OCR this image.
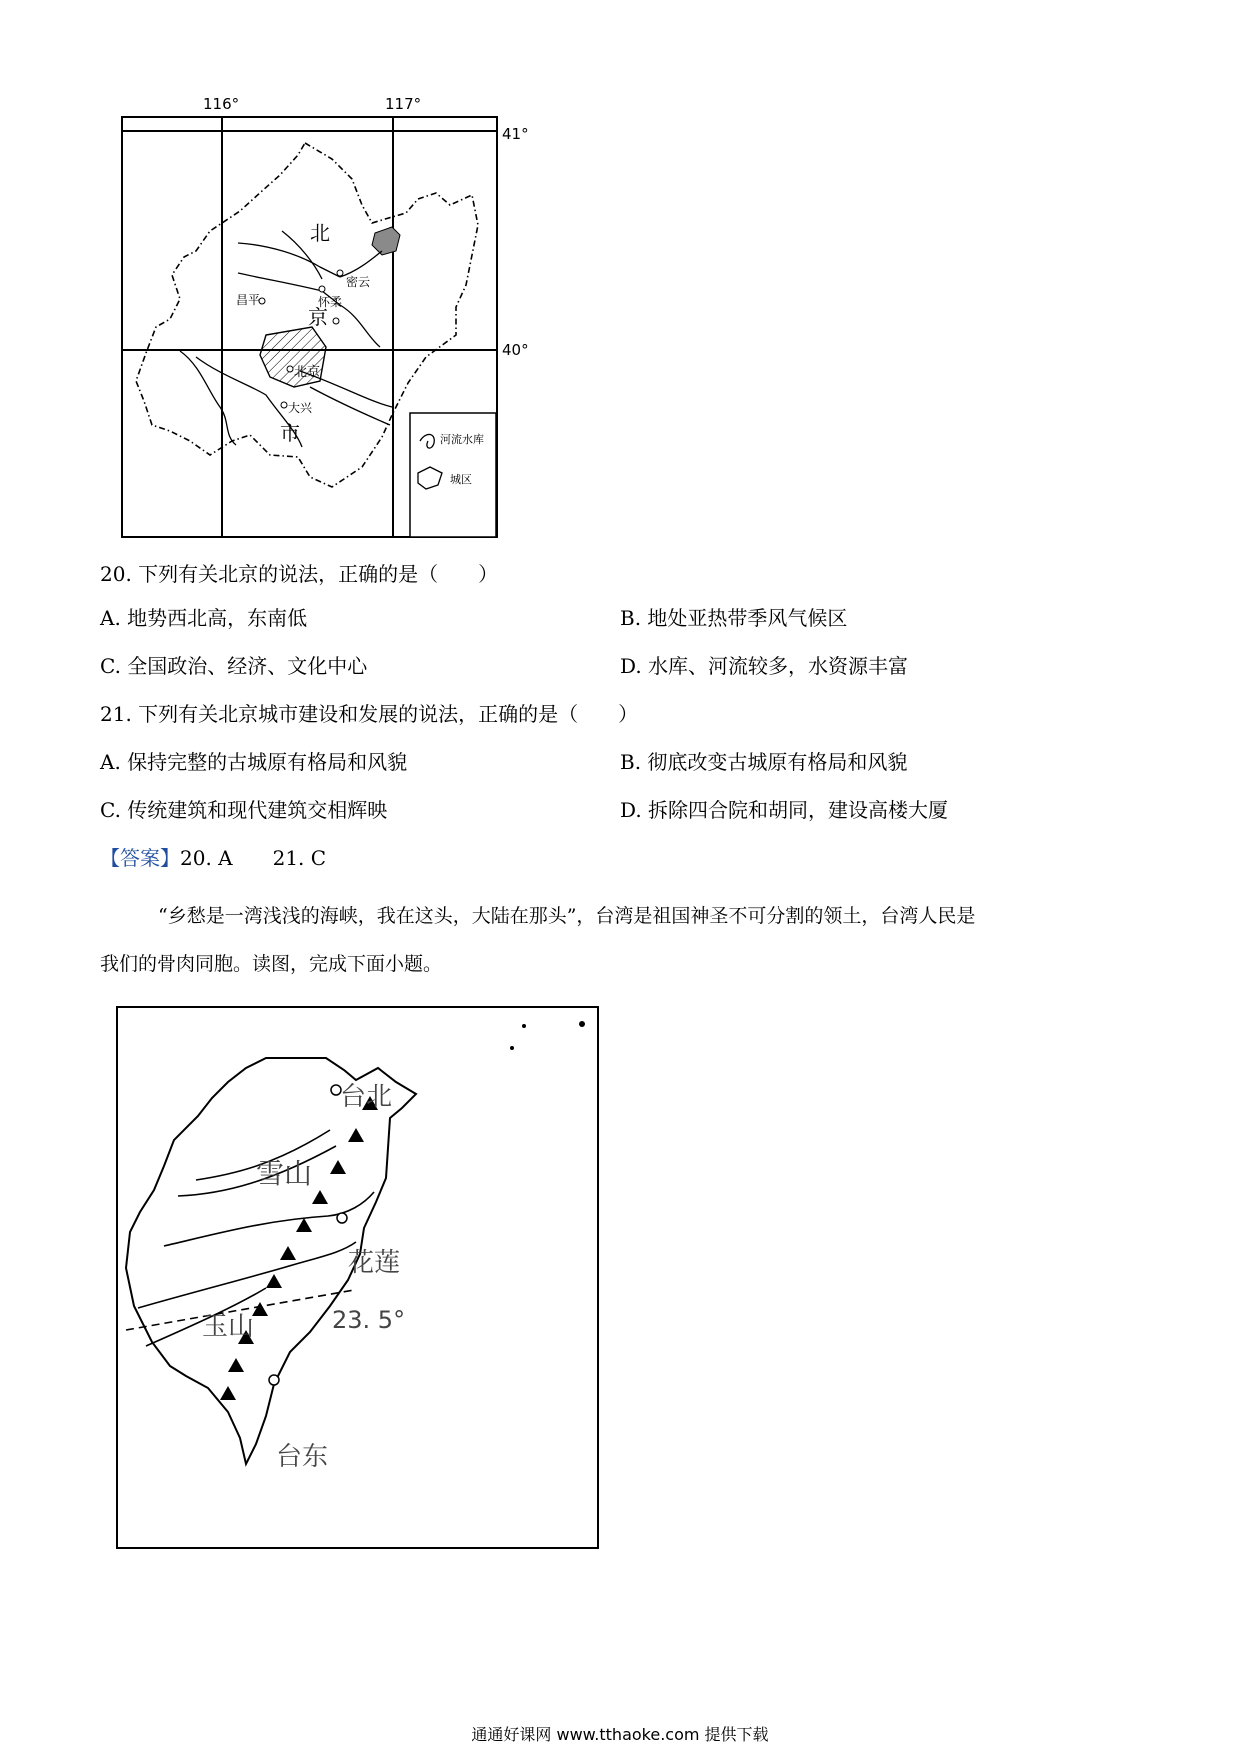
116°	117°
41°
40°
北
京
市
密云
怀柔
昌平
北京
大兴
河流水库
城区
20. 下列有关北京的说法，正确的是（　　）
A. 地势西北高，东南低	B. 地处亚热带季风气候区
C. 全国政治、经济、文化中心	D. 水库、河流较多，水资源丰富
21. 下列有关北京城市建设和发展的说法，正确的是（　　）
A. 保持完整的古城原有格局和风貌	B. 彻底改变古城原有格局和风貌
C. 传统建筑和现代建筑交相辉映	D. 拆除四合院和胡同，建设高楼大厦
【答案】20. A　　21. C
“乡愁是一湾浅浅的海峡，我在这头，大陆在那头”，台湾是祖国神圣不可分割的领土，台湾人民是
我们的骨肉同胞。读图，完成下面小题。
台北
雪山
花莲
玉山	23. 5°
台东
通通好课网 www.tthaoke.com 提供下载
